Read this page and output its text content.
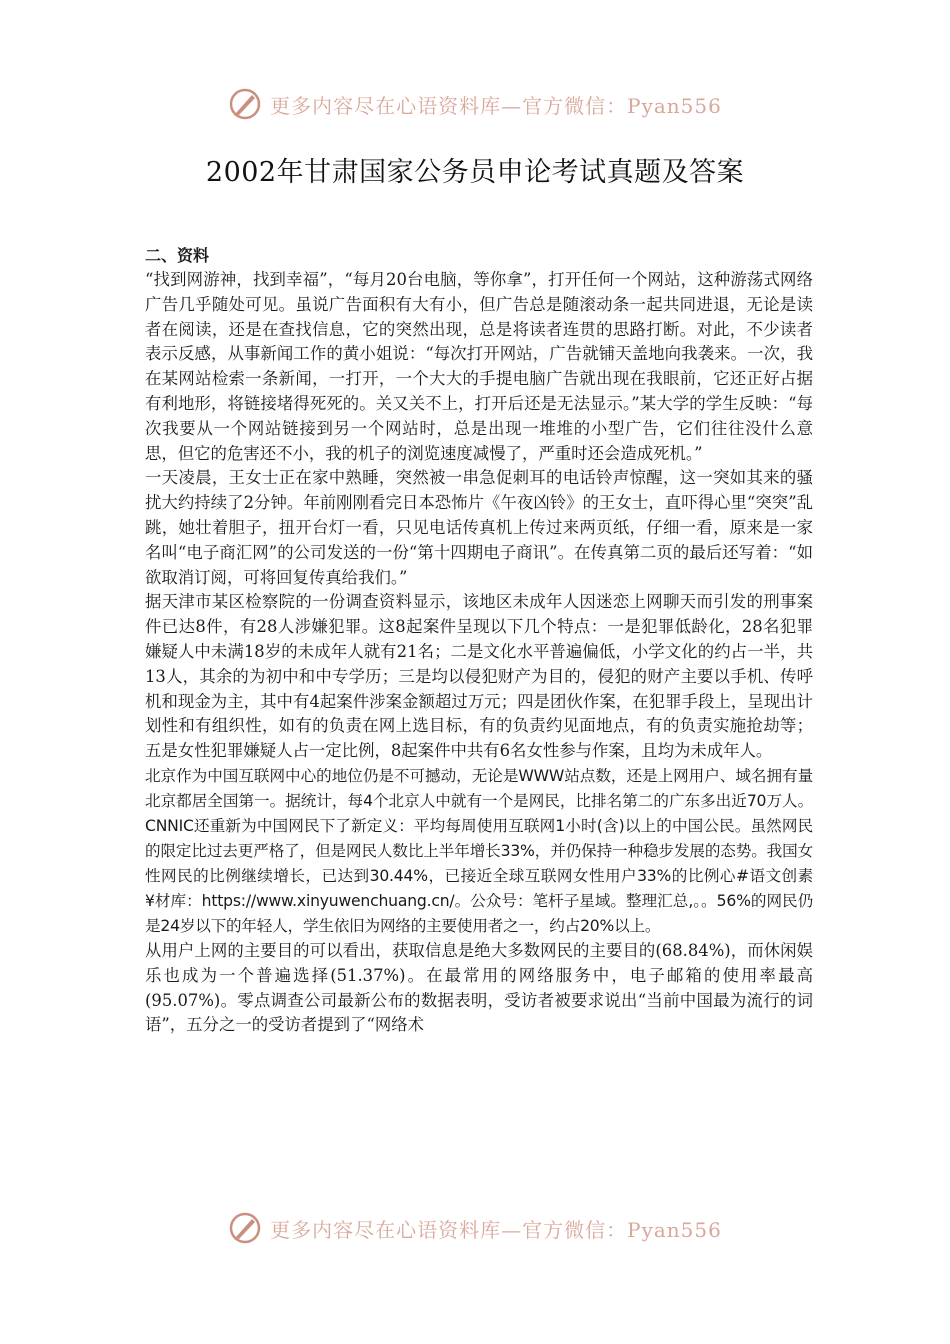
更多内容尽在心语资料库—官方微信：Pyan556
2002年甘肃国家公务员申论考试真题及答案

二、资料

“找到网游神，找到幸福”，“每月20台电脑，等你拿”，打开任何一个网站，这种游荡式网络广告几乎随处可见。虽说广告面积有大有小，但广告总是随滚动条一起共同进退，无论是读者在阅读，还是在查找信息，它的突然出现，总是将读者连贯的思路打断。对此，不少读者表示反感，从事新闻工作的黄小姐说：“每次打开网站，广告就铺天盖地向我袭来。一次，我在某网站检索一条新闻，一打开，一个大大的手提电脑广告就出现在我眼前，它还正好占据有利地形，将链接堵得死死的。关又关不上，打开后还是无法显示。”某大学的学生反映：“每次我要从一个网站链接到另一个网站时，总是出现一堆堆的小型广告，它们往往没什么意思，但它的危害还不小，我的机子的浏览速度减慢了，严重时还会造成死机。”

一天凌晨，王女士正在家中熟睡，突然被一串急促刺耳的电话铃声惊醒，这一突如其来的骚扰大约持续了2分钟。年前刚刚看完日本恐怖片《午夜凶铃》的王女士，直吓得心里“突突”乱跳，她壮着胆子，扭开台灯一看，只见电话传真机上传过来两页纸，仔细一看，原来是一家名叫“电子商汇网”的公司发送的一份“第十四期电子商讯”。在传真第二页的最后还写着：“如欲取消订阅，可将回复传真给我们。”

据天津市某区检察院的一份调查资料显示，该地区未成年人因迷恋上网聊天而引发的刑事案件已达8件，有28人涉嫌犯罪。这8起案件呈现以下几个特点：一是犯罪低龄化，28名犯罪嫌疑人中未满18岁的未成年人就有21名；二是文化水平普遍偏低，小学文化的约占一半，共13人，其余的为初中和中专学历；三是均以侵犯财产为目的，侵犯的财产主要以手机、传呼机和现金为主，其中有4起案件涉案金额超过万元；四是团伙作案，在犯罪手段上，呈现出计划性和有组织性，如有的负责在网上选目标，有的负责约见面地点，有的负责实施抢劫等；五是女性犯罪嫌疑人占一定比例，8起案件中共有6名女性参与作案，且均为未成年人。

北京作为中国互联网中心的地位仍是不可撼动，无论是WWW站点数，还是上网用户、域名拥有量北京都居全国第一。据统计，每4个北京人中就有一个是网民，比排名第二的广东多出近70万人。CNNIC还重新为中国网民下了新定义：平均每周使用互联网1小时(含)以上的中国公民。虽然网民的限定比过去更严格了，但是网民人数比上半年增长33%，并仍保持一种稳步发展的态势。我国女性网民的比例继续增长，已达到30.44%，已接近全球互联网女性用户33%的比例心#语文创素¥材库：https://www.xinyuwenchuang.cn/。公众号：笔杆子星域。整理汇总,。。56%的网民仍是24岁以下的年轻人，学生依旧为网络的主要使用者之一，约占20%以上。

从用户上网的主要目的可以看出，获取信息是绝大多数网民的主要目的(68.84%)，而休闲娱乐也成为一个普遍选择(51.37%)。在最常用的网络服务中，电子邮箱的使用率最高(95.07%)。零点调查公司最新公布的数据表明，受访者被要求说出“当前中国最为流行的词语”，五分之一的受访者提到了“网络术

更多内容尽在心语资料库—官方微信：Pyan556
